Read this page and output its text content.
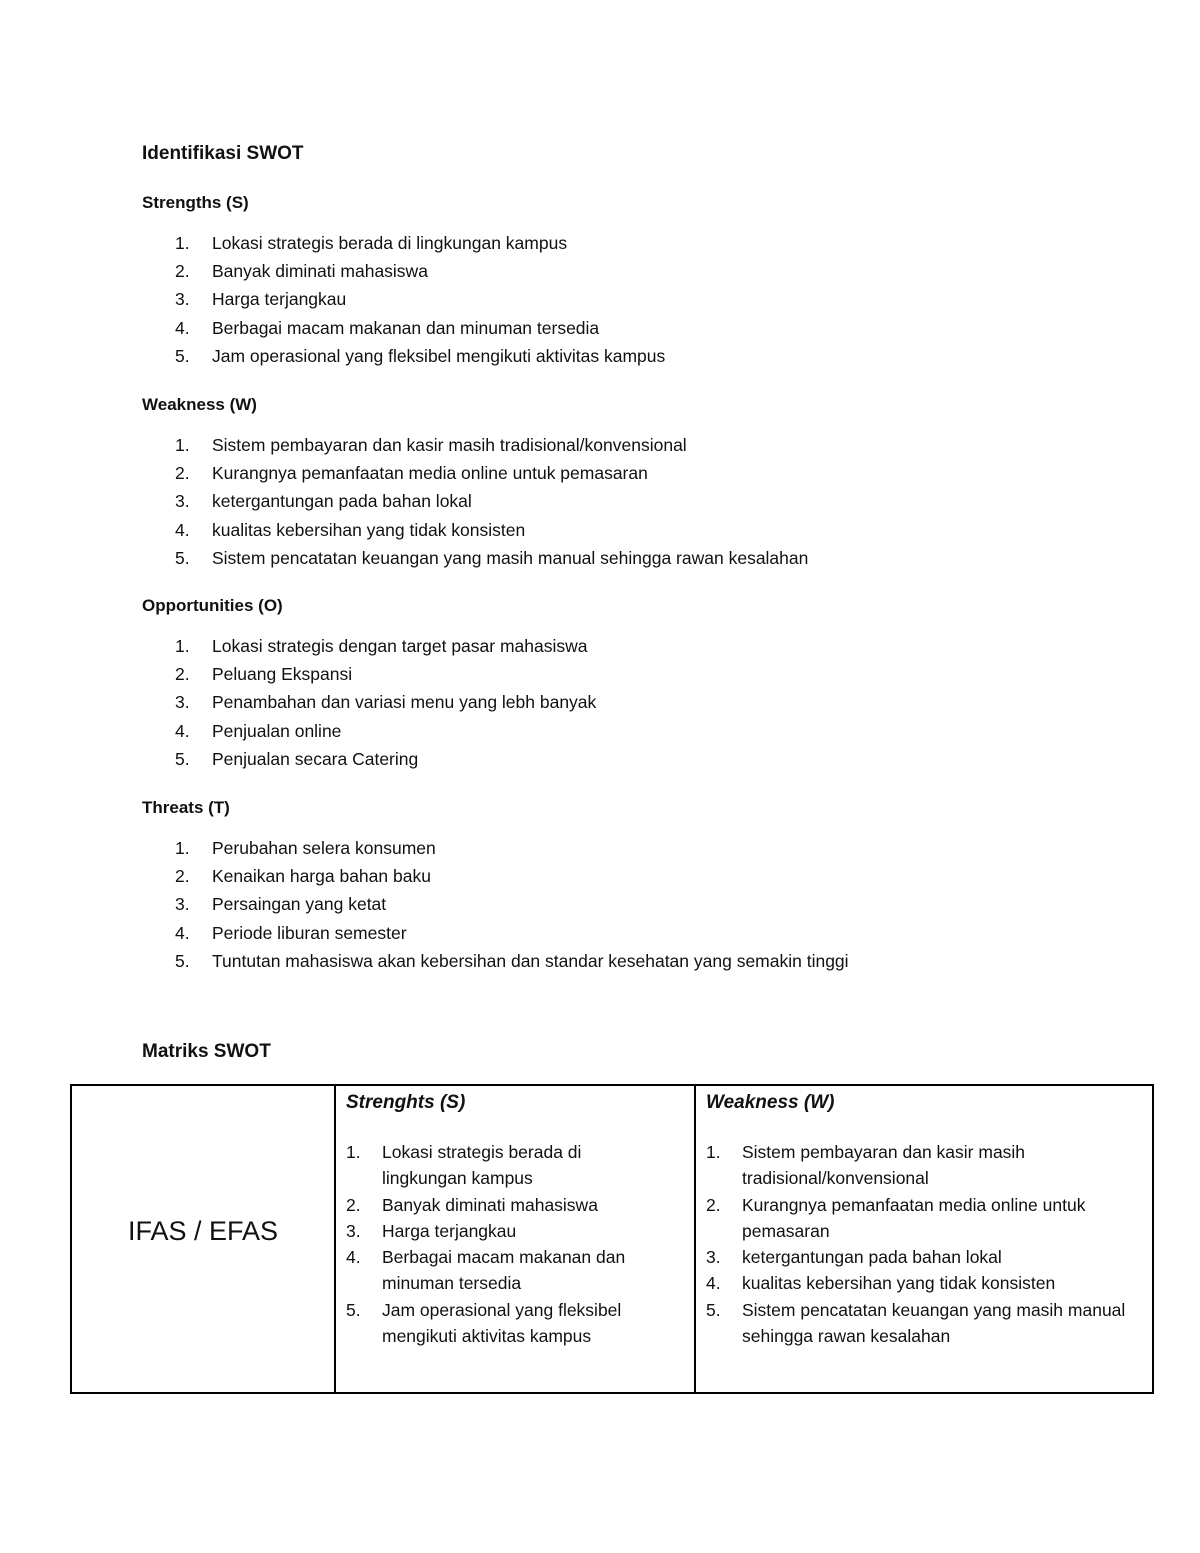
Identifikasi SWOT
Strengths (S)
1. Lokasi strategis berada di lingkungan kampus
2. Banyak diminati mahasiswa
3. Harga terjangkau
4. Berbagai macam makanan dan minuman tersedia
5. Jam operasional yang fleksibel mengikuti aktivitas kampus
Weakness (W)
1. Sistem pembayaran dan kasir masih tradisional/konvensional
2. Kurangnya pemanfaatan media online untuk pemasaran
3. ketergantungan pada bahan lokal
4. kualitas kebersihan yang tidak konsisten
5. Sistem pencatatan keuangan yang masih manual sehingga rawan kesalahan
Opportunities (O)
1. Lokasi strategis dengan target pasar mahasiswa
2. Peluang Ekspansi
3. Penambahan dan variasi menu yang lebh banyak
4. Penjualan online
5. Penjualan secara Catering
Threats (T)
1. Perubahan selera konsumen
2. Kenaikan harga bahan baku
3. Persaingan yang ketat
4. Periode liburan semester
5. Tuntutan mahasiswa akan kebersihan dan standar kesehatan yang semakin tinggi
Matriks SWOT

IFAS / EFAS

Strenghts (S)
1. Lokasi strategis berada di lingkungan kampus
2. Banyak diminati mahasiswa
3. Harga terjangkau
4. Berbagai macam makanan dan minuman tersedia
5. Jam operasional yang fleksibel mengikuti aktivitas kampus
Weakness (W)
1. Sistem pembayaran dan kasir masih tradisional/konvensional
2. Kurangnya pemanfaatan media online untuk pemasaran
3. ketergantungan pada bahan lokal
4. kualitas kebersihan yang tidak konsisten
5. Sistem pencatatan keuangan yang masih manual sehingga rawan kesalahan
